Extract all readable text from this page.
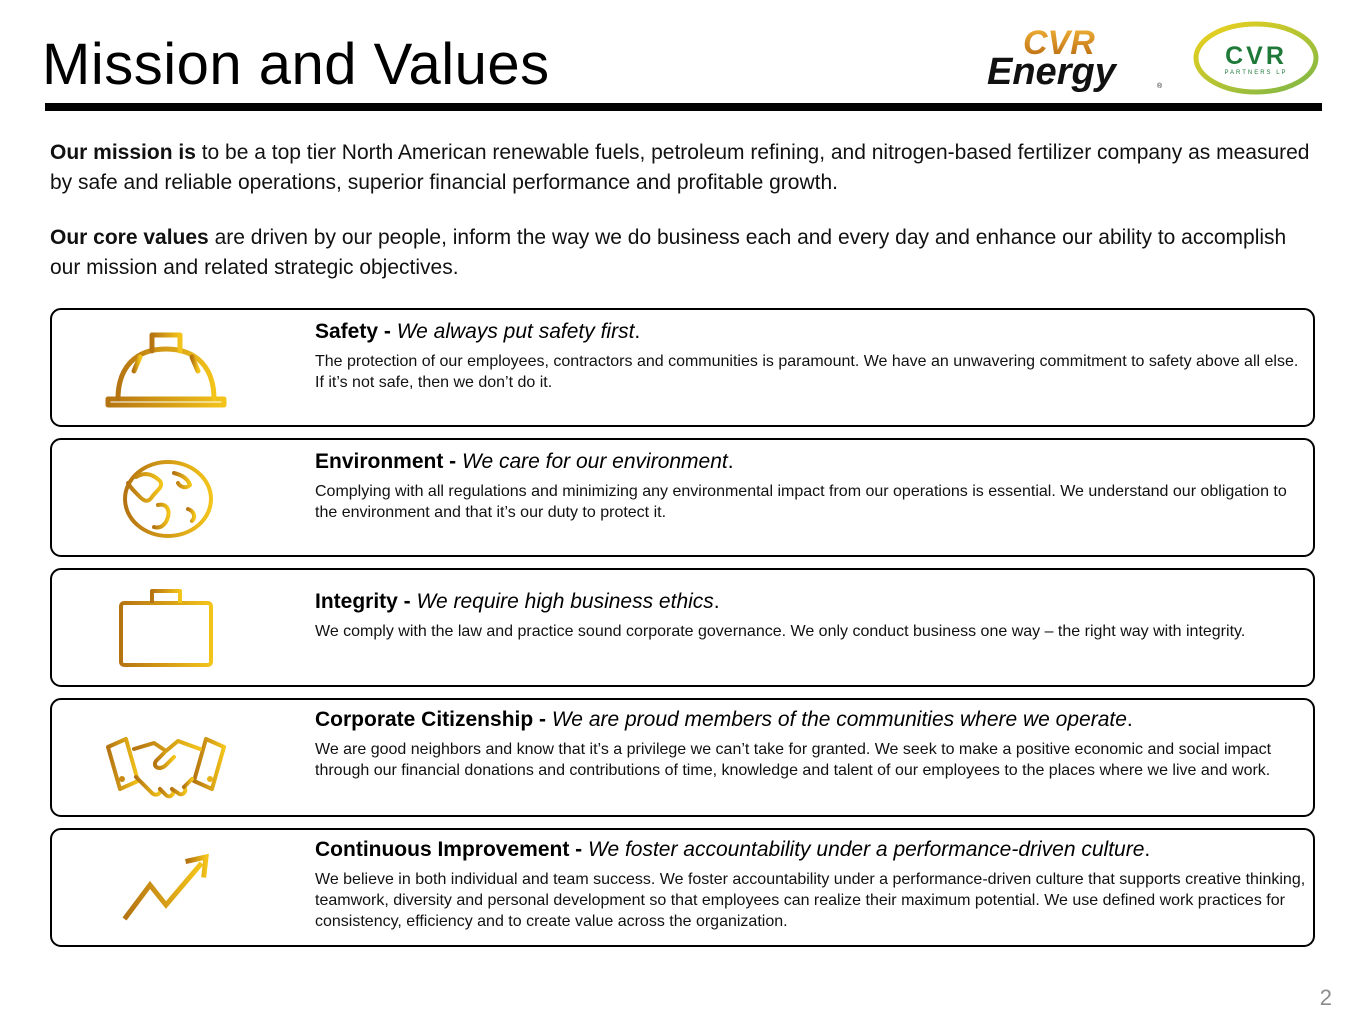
Mission and Values	CVR
Energy	®
CVR
PARTNERS LP

Our mission is to be a top tier North American renewable fuels, petroleum refining, and nitrogen-based fertilizer company as measured by safe and reliable operations, superior financial performance and profitable growth.

Our core values are driven by our people, inform the way we do business each and every day and enhance our ability to accomplish our mission and related strategic objectives.

Safety - We always put safety first.
The protection of our employees, contractors and communities is paramount. We have an unwavering commitment to safety above all else. If it’s not safe, then we don’t do it.
Environment - We care for our environment.
Complying with all regulations and minimizing any environmental impact from our operations is essential. We understand our obligation to the environment and that it’s our duty to protect it.
Integrity - We require high business ethics.
We comply with the law and practice sound corporate governance. We only conduct business one way – the right way with integrity.
Corporate Citizenship - We are proud members of the communities where we operate.
We are good neighbors and know that it’s a privilege we can’t take for granted. We seek to make a positive economic and social impact through our financial donations and contributions of time, knowledge and talent of our employees to the places where we live and work.
Continuous Improvement - We foster accountability under a performance-driven culture.
We believe in both individual and team success. We foster accountability under a performance-driven culture that supports creative thinking, teamwork, diversity and personal development so that employees can realize their maximum potential. We use defined work practices for consistency, efficiency and to create value across the organization.
2
